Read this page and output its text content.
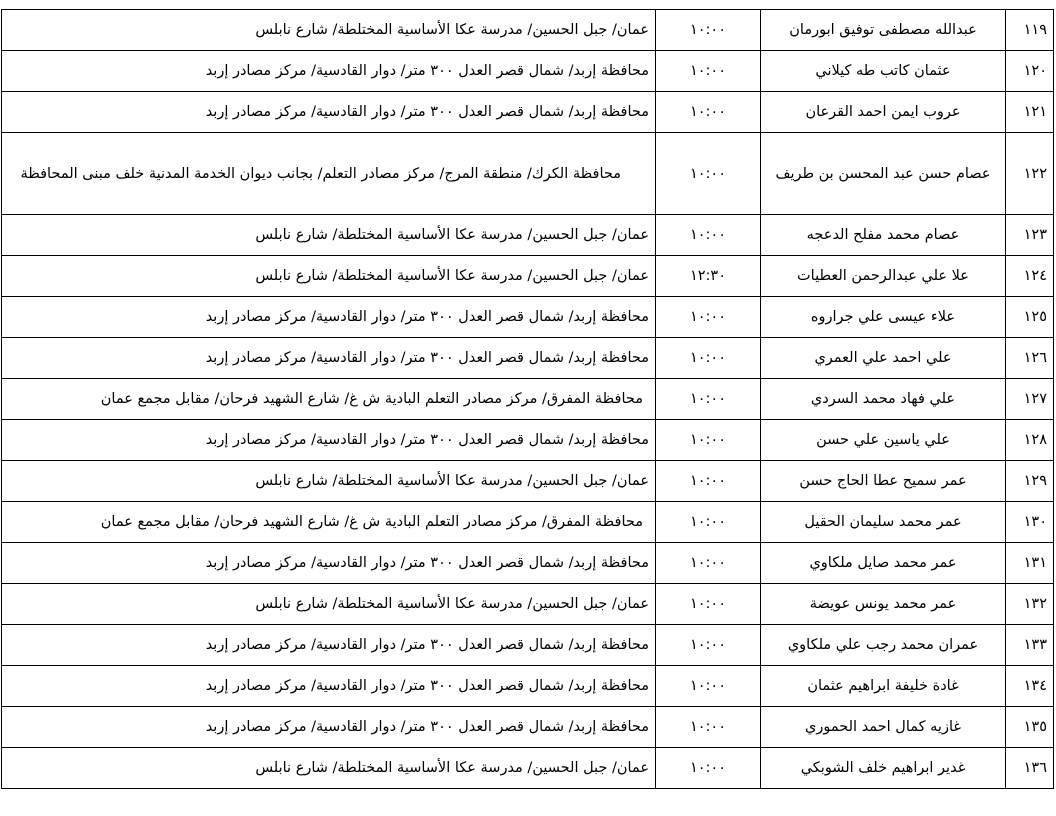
١١٩	عبدالله مصطفى توفيق ابورمان	١٠:٠٠	عمان/ جبل الحسين/ مدرسة عكا الأساسية المختلطة/ شارع نابلس
١٢٠	عثمان كاتب طه كيلاني	١٠:٠٠	محافظة إربد/ شمال قصر العدل ٣٠٠ متر/ دوار القادسية/ مركز مصادر إربد
١٢١	عروب ايمن احمد القرعان	١٠:٠٠	محافظة إربد/ شمال قصر العدل ٣٠٠ متر/ دوار القادسية/ مركز مصادر إربد
١٢٢	عصام حسن عبد المحسن بن طريف	١٠:٠٠	محافظة الكرك/ منطقة المرج/ مركز مصادر التعلم/ بجانب ديوان الخدمة المدنية خلف مبنى المحافظة
١٢٣	عصام محمد مفلح الدعجه	١٠:٠٠	عمان/ جبل الحسين/ مدرسة عكا الأساسية المختلطة/ شارع نابلس
١٢٤	علا علي عبدالرحمن العطيات	١٢:٣٠	عمان/ جبل الحسين/ مدرسة عكا الأساسية المختلطة/ شارع نابلس
١٢٥	علاء عيسى علي جراروه	١٠:٠٠	محافظة إربد/ شمال قصر العدل ٣٠٠ متر/ دوار القادسية/ مركز مصادر إربد
١٢٦	علي احمد علي العمري	١٠:٠٠	محافظة إربد/ شمال قصر العدل ٣٠٠ متر/ دوار القادسية/ مركز مصادر إربد
١٢٧	علي فهاد محمد السردي	١٠:٠٠	محافظة المفرق/ مركز مصادر التعلم البادية ش غ/ شارع الشهيد فرحان/ مقابل مجمع عمان
١٢٨	علي ياسين علي حسن	١٠:٠٠	محافظة إربد/ شمال قصر العدل ٣٠٠ متر/ دوار القادسية/ مركز مصادر إربد
١٢٩	عمر سميح عطا الحاج حسن	١٠:٠٠	عمان/ جبل الحسين/ مدرسة عكا الأساسية المختلطة/ شارع نابلس
١٣٠	عمر محمد سليمان الحقيل	١٠:٠٠	محافظة المفرق/ مركز مصادر التعلم البادية ش غ/ شارع الشهيد فرحان/ مقابل مجمع عمان
١٣١	عمر محمد صايل ملكاوي	١٠:٠٠	محافظة إربد/ شمال قصر العدل ٣٠٠ متر/ دوار القادسية/ مركز مصادر إربد
١٣٢	عمر محمد يونس عويضة	١٠:٠٠	عمان/ جبل الحسين/ مدرسة عكا الأساسية المختلطة/ شارع نابلس
١٣٣	عمران محمد رجب علي ملكاوي	١٠:٠٠	محافظة إربد/ شمال قصر العدل ٣٠٠ متر/ دوار القادسية/ مركز مصادر إربد
١٣٤	غادة خليفة ابراهيم عثمان	١٠:٠٠	محافظة إربد/ شمال قصر العدل ٣٠٠ متر/ دوار القادسية/ مركز مصادر إربد
١٣٥	غازيه كمال احمد الحموري	١٠:٠٠	محافظة إربد/ شمال قصر العدل ٣٠٠ متر/ دوار القادسية/ مركز مصادر إربد
١٣٦	غدير ابراهيم خلف الشوبكي	١٠:٠٠	عمان/ جبل الحسين/ مدرسة عكا الأساسية المختلطة/ شارع نابلس
